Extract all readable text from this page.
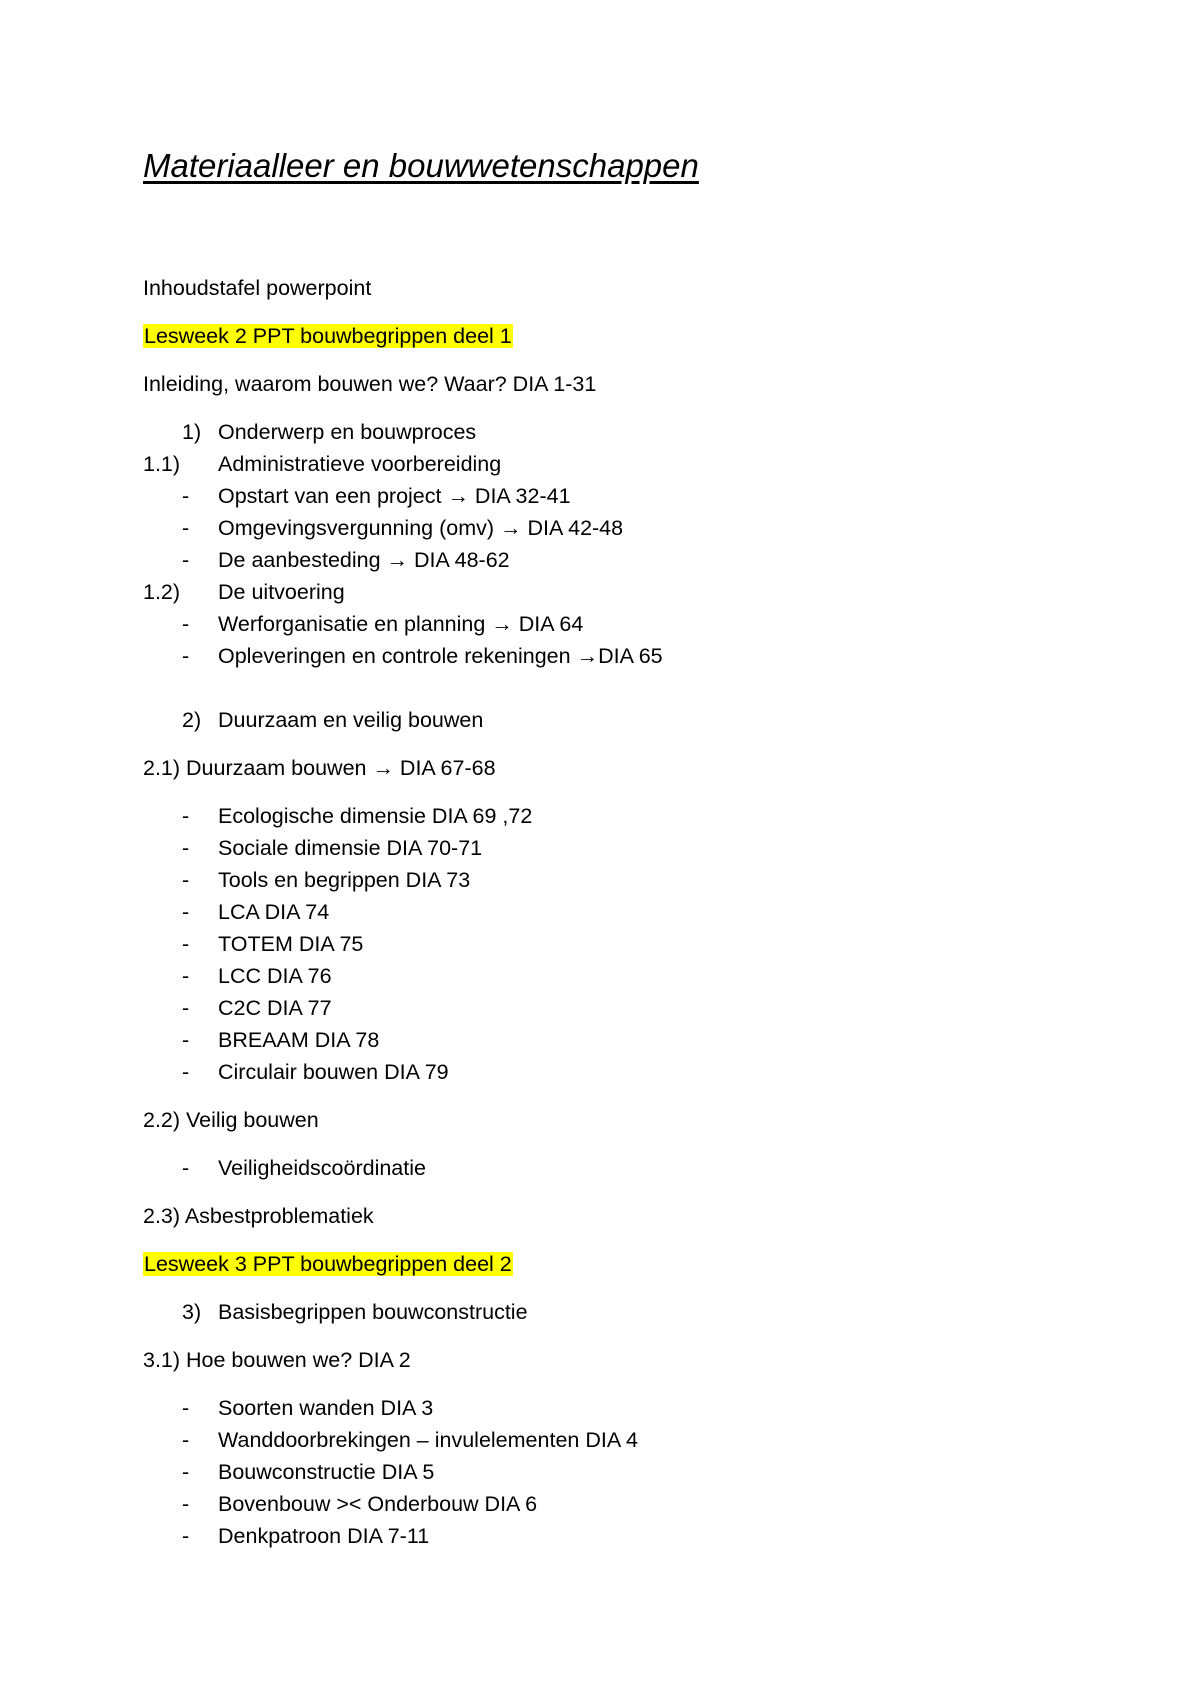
Materiaalleer en bouwwetenschappen
Inhoudstafel powerpoint
Lesweek 2 PPT bouwbegrippen deel 1
Inleiding, waarom bouwen we? Waar? DIA 1-31
1) Onderwerp en bouwproces
1.1) Administratieve voorbereiding
- Opstart van een project → DIA 32-41
- Omgevingsvergunning (omv) → DIA 42-48
- De aanbesteding → DIA 48-62
1.2) De uitvoering
- Werforganisatie en planning → DIA 64
- Opleveringen en controle rekeningen →DIA 65
2) Duurzaam en veilig bouwen
2.1) Duurzaam bouwen → DIA 67-68
- Ecologische dimensie DIA 69 ,72
- Sociale dimensie DIA 70-71
- Tools en begrippen DIA 73
- LCA DIA 74
- TOTEM DIA 75
- LCC DIA 76
- C2C DIA 77
- BREAAM DIA 78
- Circulair bouwen DIA 79
2.2) Veilig bouwen
- Veiligheidscoördinatie
2.3) Asbestproblematiek
Lesweek 3 PPT bouwbegrippen deel 2
3) Basisbegrippen bouwconstructie
3.1) Hoe bouwen we? DIA 2
- Soorten wanden DIA 3
- Wanddoorbrekingen – invulelementen DIA 4
- Bouwconstructie DIA 5
- Bovenbouw >< Onderbouw DIA 6
- Denkpatroon DIA 7-11
